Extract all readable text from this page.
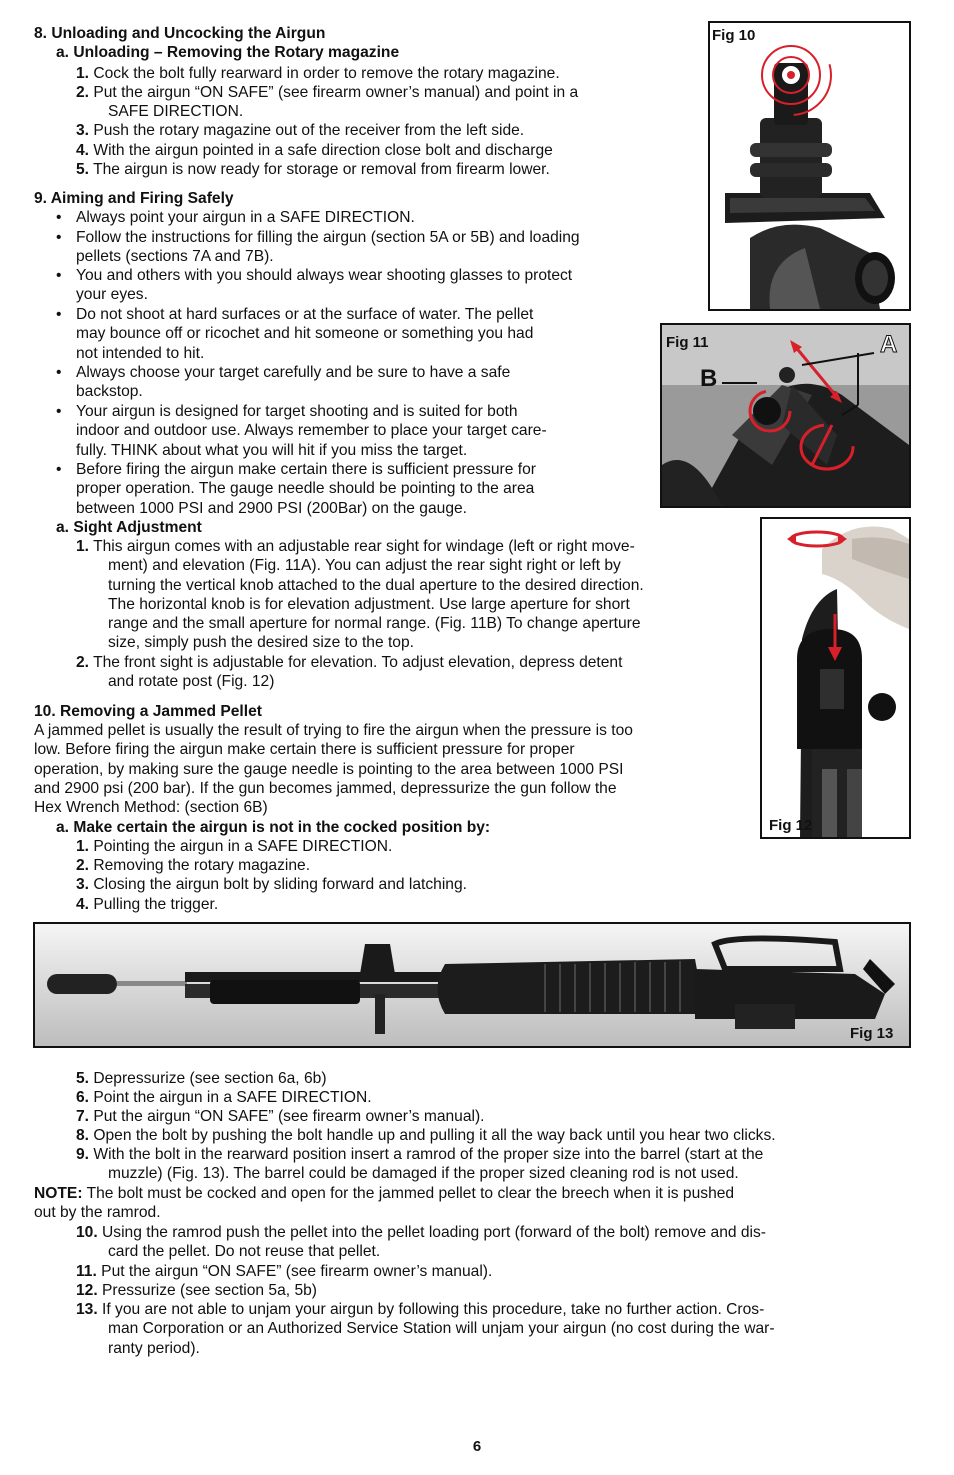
8. Unloading and Uncocking the Airgun
a. Unloading – Removing the Rotary magazine
1. Cock the bolt fully rearward in order to remove the rotary magazine.
2. Put the airgun “ON SAFE” (see firearm owner’s manual) and point in a
SAFE DIRECTION.
3. Push the rotary magazine out of the receiver from the left side.
4. With the airgun pointed in a safe direction close bolt and discharge
5. The airgun is now ready for storage or removal from firearm lower.
9. Aiming and Firing Safely
• Always point your airgun in a SAFE DIRECTION.
• Follow the instructions for filling the airgun (section 5A or 5B) and loading
pellets (sections 7A and 7B).
• You and others with you should always wear shooting glasses to protect
your eyes.
• Do not shoot at hard surfaces or at the surface of water. The pellet
may bounce off or ricochet and hit someone or something you had
not intended to hit.
• Always choose your target carefully and be sure to have a safe
backstop.
• Your airgun is designed for target shooting and is suited for both
indoor and outdoor use. Always remember to place your target care-
fully. THINK about what you will hit if you miss the target.
• Before firing the airgun make certain there is sufficient pressure for
proper operation. The gauge needle should be pointing to the area
between 1000 PSI and 2900 PSI (200Bar) on the gauge.
a. Sight Adjustment
1. This airgun comes with an adjustable rear sight for windage (left or right move-
ment) and elevation (Fig. 11A). You can adjust the rear sight right or left by
turning the vertical knob attached to the dual aperture to the desired direction.
The horizontal knob is for elevation adjustment. Use large aperture for short
range and the small aperture for normal range. (Fig. 11B) To change aperture
size, simply push the desired size to the top.
2. The front sight is adjustable for elevation. To adjust elevation, depress detent
and rotate post (Fig. 12)
10. Removing a Jammed Pellet
A jammed pellet is usually the result of trying to fire the airgun when the pressure is too
low. Before firing the airgun make certain there is sufficient pressure for proper
operation, by making sure the gauge needle is pointing to the area between 1000 PSI
and 2900 psi (200 bar). If the gun becomes jammed, depressurize the gun follow the
Hex Wrench Method: (section 6B)
a. Make certain the airgun is not in the cocked position by:
1. Pointing the airgun in a SAFE DIRECTION.
2. Removing the rotary magazine.
3. Closing the airgun bolt by sliding forward and latching.
4. Pulling the trigger.
5. Depressurize (see section 6a, 6b)
6. Point the airgun in a SAFE DIRECTION.
7. Put the airgun “ON SAFE” (see firearm owner’s manual).
8. Open the bolt by pushing the bolt handle up and pulling it all the way back until you hear two clicks.
9. With the bolt in the rearward position insert a ramrod of the proper size into the barrel (start at the
muzzle) (Fig. 13). The barrel could be damaged if the proper sized cleaning rod is not used.
NOTE: The bolt must be cocked and open for the jammed pellet to clear the breech when it is pushed
out by the ramrod.
10. Using the ramrod push the pellet into the pellet loading port (forward of the bolt) remove and dis-
card the pellet. Do not reuse that pellet.
11. Put the airgun “ON SAFE” (see firearm owner’s manual).
12. Pressurize (see section 5a, 5b)
13. If you are not able to unjam your airgun by following this procedure, take no further action. Cros-
man Corporation or an Authorized Service Station will unjam your airgun (no cost during the war-
ranty period).
Fig 10
Fig 11	A
B
Fig 12
Fig 13
6
